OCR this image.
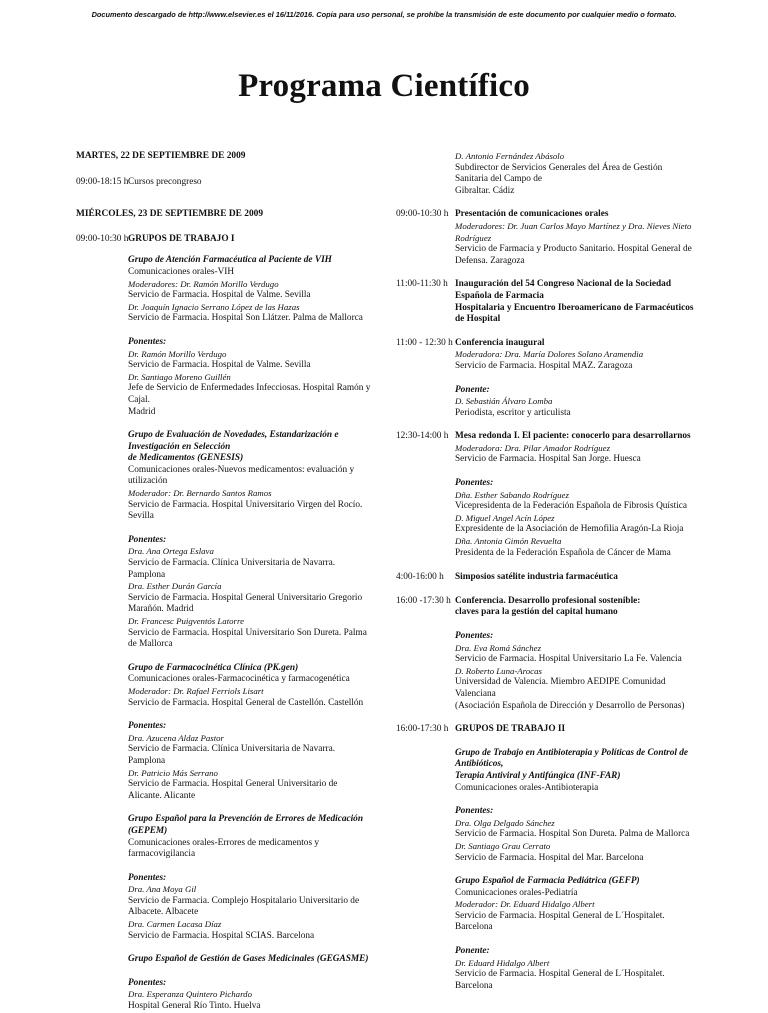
Documento descargado de http://www.elsevier.es el 16/11/2016. Copia para uso personal, se prohíbe la transmisión de este documento por cualquier medio o formato.
Programa Científico
MARTES, 22 DE SEPTIEMBRE DE 2009
09:00-18:15 h Cursos precongreso
MIÉRCOLES, 23 DE SEPTIEMBRE DE 2009
09:00-10:30 h GRUPOS DE TRABAJO I
Grupo de Atención Farmacéutica al Paciente de VIH
Comunicaciones orales-VIH
Moderadores: Dr. Ramón Morillo Verdugo
Servicio de Farmacia. Hospital de Valme. Sevilla
Dr. Joaquín Ignacio Serrano López de las Hazas
Servicio de Farmacia. Hospital Son Llátzer. Palma de Mallorca
Ponentes:
Dr. Ramón Morillo Verdugo
Servicio de Farmacia. Hospital de Valme. Sevilla
Dr. Santiago Moreno Guillén
Jefe de Servicio de Enfermedades Infecciosas. Hospital Ramón y Cajal.
Madrid
Grupo de Evaluación de Novedades, Estandarización e Investigación en Selección
de Medicamentos (GENESIS)
Comunicaciones orales-Nuevos medicamentos: evaluación y utilización
Moderador: Dr. Bernardo Santos Ramos
Servicio de Farmacia. Hospital Universitario Virgen del Rocío.
Sevilla
Ponentes:
Dra. Ana Ortega Eslava
Servicio de Farmacia. Clínica Universitaria de Navarra. Pamplona
Dra. Esther Durán García
Servicio de Farmacia. Hospital General Universitario Gregorio Marañón. Madrid
Dr. Francesc Puigventós Latorre
Servicio de Farmacia. Hospital Universitario Son Dureta. Palma de Mallorca
Grupo de Farmacocinética Clínica (PK.gen)
Comunicaciones orales-Farmacocinética y farmacogenética
Moderador: Dr. Rafael Ferriols Lisart
Servicio de Farmacia. Hospital General de Castellón. Castellón
Ponentes:
Dra. Azucena Aldaz Pastor
Servicio de Farmacia. Clínica Universitaria de Navarra. Pamplona
Dr. Patricio Más Serrano
Servicio de Farmacia. Hospital General Universitario de Alicante. Alicante
Grupo Español para la Prevención de Errores de Medicación (GEPEM)
Comunicaciones orales-Errores de medicamentos y farmacovigilancia
Ponentes:
Dra. Ana Moya Gil
Servicio de Farmacia. Complejo Hospitalario Universitario de Albacete. Albacete
Dra. Carmen Lacasa Díaz
Servicio de Farmacia. Hospital SCIAS. Barcelona
Grupo Español de Gestión de Gases Medicinales (GEGASME)
Ponentes:
Dra. Esperanza Quintero Pichardo
Hospital General Río Tinto. Huelva
D. Antonio Fernández Abásolo
Subdirector de Servicios Generales del Área de Gestión Sanitaria del Campo de
Gibraltar. Cádiz
09:00-10:30 h Presentación de comunicaciones orales
Moderadores: Dr. Juan Carlos Mayo Martínez y Dra. Nieves Nieto Rodríguez
Servicio de Farmacia y Producto Sanitario. Hospital General de Defensa. Zaragoza
11:00-11:30 h Inauguración del 54 Congreso Nacional de la Sociedad Española de Farmacia
Hospitalaria y Encuentro Iberoamericano de Farmacéuticos de Hospital
11:00 - 12:30 h Conferencia inaugural
Moderadora: Dra. María Dolores Solano Aramendia
Servicio de Farmacia. Hospital MAZ. Zaragoza
Ponente:
D. Sebastián Álvaro Lomba
Periodista, escritor y articulista
12:30-14:00 h Mesa redonda I. El paciente: conocerlo para desarrollarnos
Moderadora: Dra. Pilar Amador Rodríguez
Servicio de Farmacia. Hospital San Jorge. Huesca
Ponentes:
Dña. Esther Sabando Rodríguez
Vicepresidenta de la Federación Española de Fibrosis Quística
D. Miguel Angel Acín López
Expresidente de la Asociación de Hemofilia Aragón-La Rioja
Dña. Antonia Gimón Revuelta
Presidenta de la Federación Española de Cáncer de Mama
4:00-16:00 h	Simposios satélite industria farmacéutica
16:00 -17:30 h Conferencia. Desarrollo profesional sostenible:
claves para la gestión del capital humano
Ponentes:
Dra. Eva Romá Sánchez
Servicio de Farmacia. Hospital Universitario La Fe. Valencia
D. Roberto Luna-Arocas
Universidad de Valencia. Miembro AEDIPE Comunidad Valenciana
(Asociación Española de Dirección y Desarrollo de Personas)
16:00-17:30 h GRUPOS DE TRABAJO II
Grupo de Trabajo en Antibioterapia y Políticas de Control de Antibióticos,
Terapia Antiviral y Antifúngica (INF-FAR)
Comunicaciones orales-Antibioterapia
Ponentes:
Dra. Olga Delgado Sánchez
Servicio de Farmacia. Hospital Son Dureta. Palma de Mallorca
Dr. Santiago Grau Cerrato
Servicio de Farmacia. Hospital del Mar. Barcelona
Grupo Español de Farmacia Pediátrica (GEFP)
Comunicaciones orales-Pediatría
Moderador: Dr. Eduard Hidalgo Albert
Servicio de Farmacia. Hospital General de L´Hospitalet. Barcelona
Ponente:
Dr. Eduard Hidalgo Albert
Servicio de Farmacia. Hospital General de L´Hospitalet. Barcelona
